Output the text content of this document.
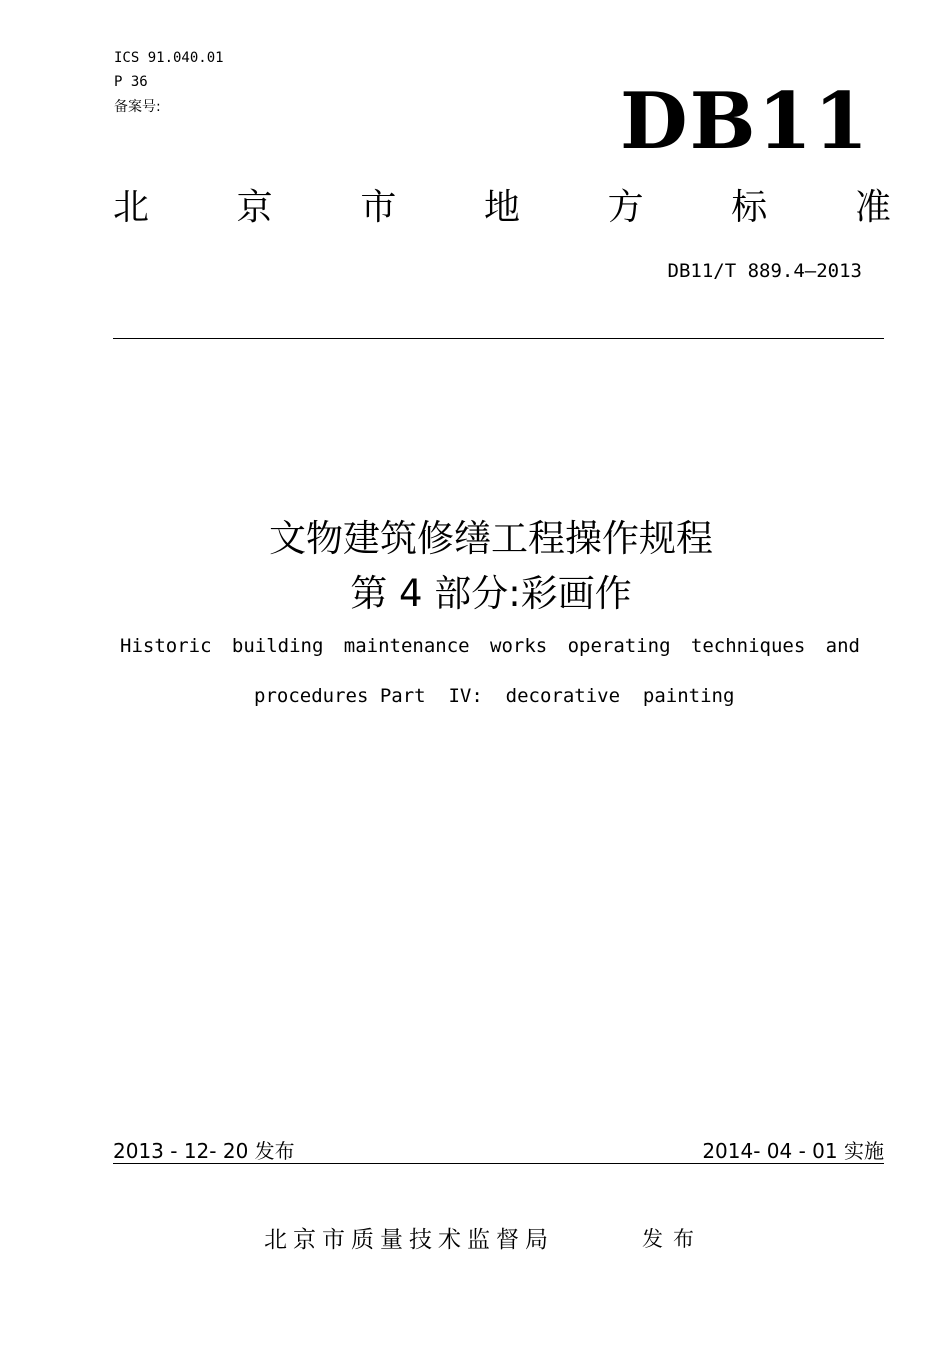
ICS 91.040.01
P 36
备案号:	DB11
北 京 市 地 方 标 准
DB11/T 889.4—2013
文物建筑修缮工程操作规程
第 4 部分:彩画作
Historic building maintenance works operating techniques and
procedures Part  IV:  decorative  painting
2013 - 12- 20 发布	2014- 04 - 01 实施
北京市质量技术监督局	发布
